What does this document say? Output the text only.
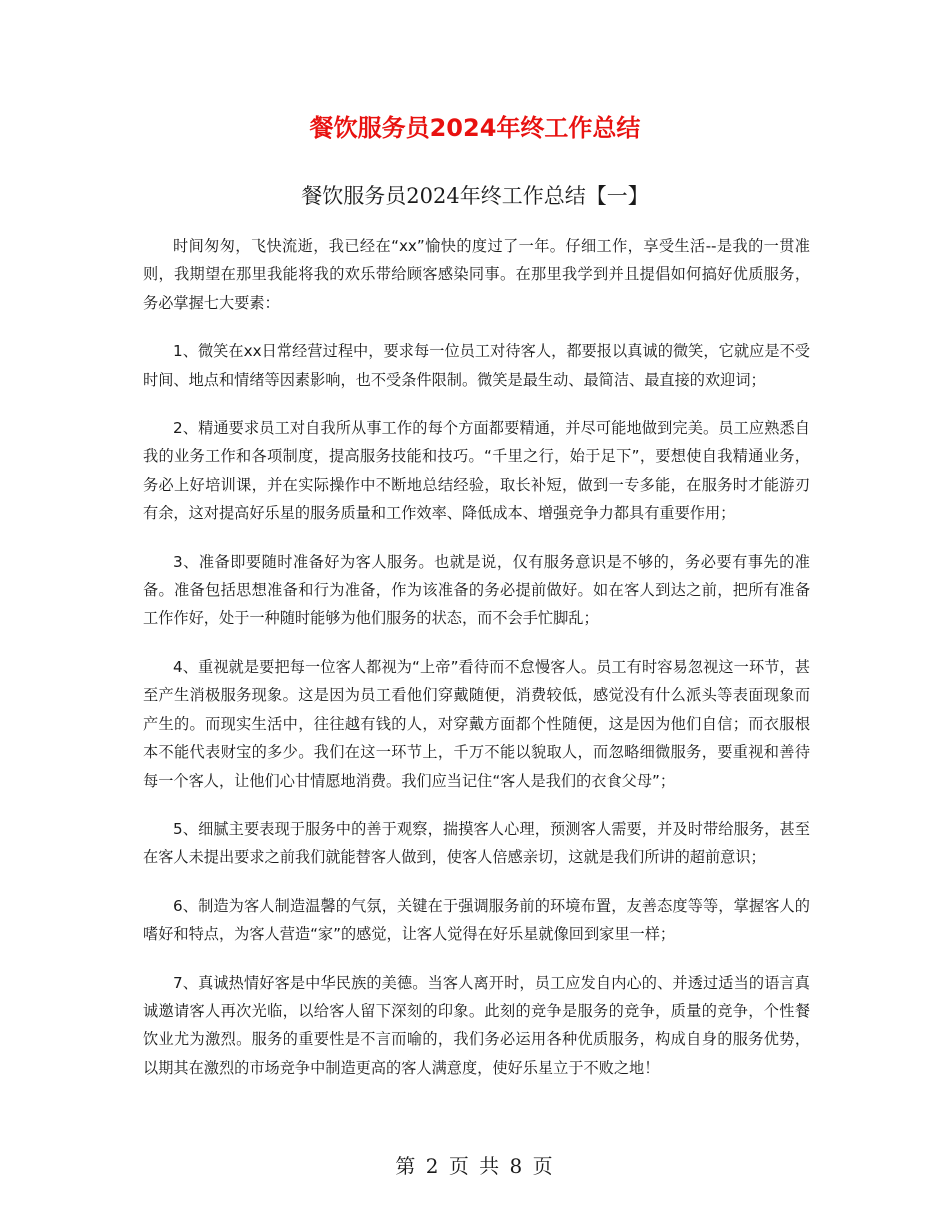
餐饮服务员2024年终工作总结
餐饮服务员2024年终工作总结【一】

时间匆匆，飞快流逝，我已经在“xx”愉快的度过了一年。仔细工作，享受生活--是我的一贯准则，我期望在那里我能将我的欢乐带给顾客感染同事。在那里我学到并且提倡如何搞好优质服务，务必掌握七大要素：

1、微笑在xx日常经营过程中，要求每一位员工对待客人，都要报以真诚的微笑，它就应是不受时间、地点和情绪等因素影响，也不受条件限制。微笑是最生动、最简洁、最直接的欢迎词；

2、精通要求员工对自我所从事工作的每个方面都要精通，并尽可能地做到完美。员工应熟悉自我的业务工作和各项制度，提高服务技能和技巧。“千里之行，始于足下”，要想使自我精通业务，务必上好培训课，并在实际操作中不断地总结经验，取长补短，做到一专多能，在服务时才能游刃有余，这对提高好乐星的服务质量和工作效率、降低成本、增强竞争力都具有重要作用；

3、准备即要随时准备好为客人服务。也就是说，仅有服务意识是不够的，务必要有事先的准备。准备包括思想准备和行为准备，作为该准备的务必提前做好。如在客人到达之前，把所有准备工作作好，处于一种随时能够为他们服务的状态，而不会手忙脚乱；

4、重视就是要把每一位客人都视为“上帝”看待而不怠慢客人。员工有时容易忽视这一环节，甚至产生消极服务现象。这是因为员工看他们穿戴随便，消费较低，感觉没有什么派头等表面现象而产生的。而现实生活中，往往越有钱的人，对穿戴方面都个性随便，这是因为他们自信；而衣服根本不能代表财宝的多少。我们在这一环节上，千万不能以貌取人，而忽略细微服务，要重视和善待每一个客人，让他们心甘情愿地消费。我们应当记住“客人是我们的衣食父母”；

5、细腻主要表现于服务中的善于观察，揣摸客人心理，预测客人需要，并及时带给服务，甚至在客人未提出要求之前我们就能替客人做到，使客人倍感亲切，这就是我们所讲的超前意识；

6、制造为客人制造温馨的气氛，关键在于强调服务前的环境布置，友善态度等等，掌握客人的嗜好和特点，为客人营造“家”的感觉，让客人觉得在好乐星就像回到家里一样；

7、真诚热情好客是中华民族的美德。当客人离开时，员工应发自内心的、并透过适当的语言真诚邀请客人再次光临，以给客人留下深刻的印象。此刻的竞争是服务的竞争，质量的竞争，个性餐饮业尤为激烈。服务的重要性是不言而喻的，我们务必运用各种优质服务，构成自身的服务优势，以期其在激烈的市场竞争中制造更高的客人满意度，使好乐星立于不败之地！

第 2 页 共 8 页
